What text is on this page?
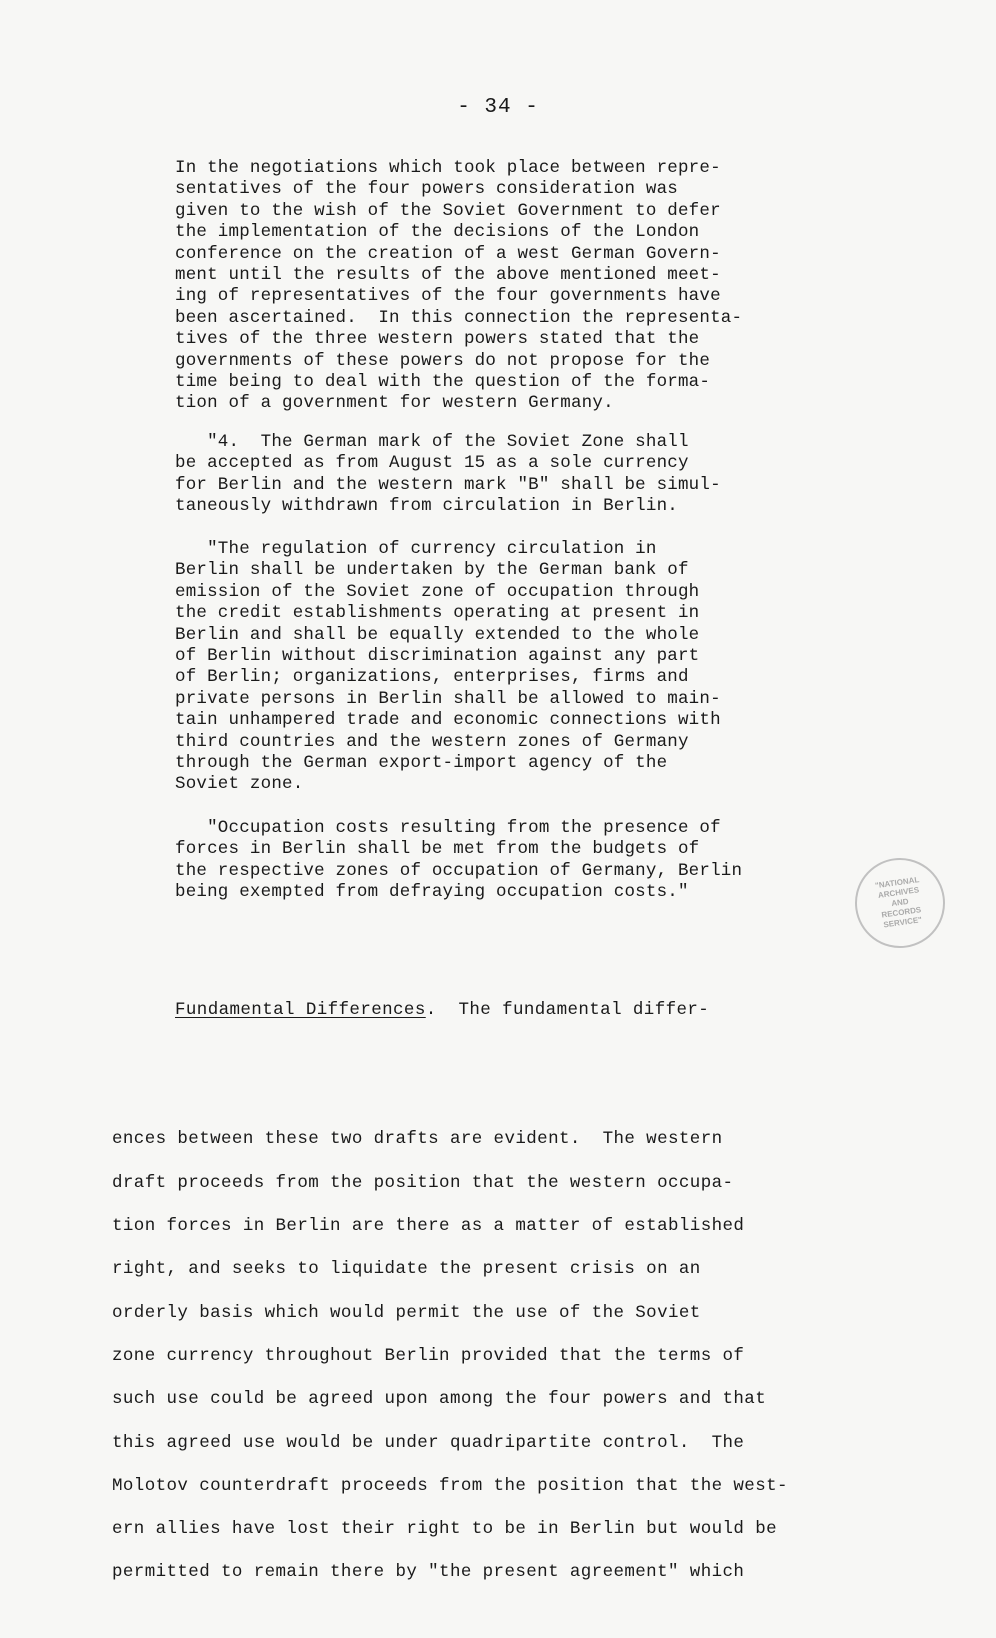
- 34 -
In the negotiations which took place between repre-
sentatives of the four powers consideration was
given to the wish of the Soviet Government to defer
the implementation of the decisions of the London
conference on the creation of a west German Govern-
ment until the results of the above mentioned meet-
ing of representatives of the four governments have
been ascertained.  In this connection the representa-
tives of the three western powers stated that the
governments of these powers do not propose for the
time being to deal with the question of the forma-
tion of a government for western Germany.
"4.  The German mark of the Soviet Zone shall
be accepted as from August 15 as a sole currency
for Berlin and the western mark "B" shall be simul-
taneously withdrawn from circulation in Berlin.
"The regulation of currency circulation in
Berlin shall be undertaken by the German bank of
emission of the Soviet zone of occupation through
the credit establishments operating at present in
Berlin and shall be equally extended to the whole
of Berlin without discrimination against any part
of Berlin; organizations, enterprises, firms and
private persons in Berlin shall be allowed to main-
tain unhampered trade and economic connections with
third countries and the western zones of Germany
through the German export-import agency of the
Soviet zone.
"Occupation costs resulting from the presence of
forces in Berlin shall be met from the budgets of
the respective zones of occupation of Germany, Berlin
being exempted from defraying occupation costs."

Fundamental Differences.  The fundamental differ-

ences between these two drafts are evident.  The western
draft proceeds from the position that the western occupa-
tion forces in Berlin are there as a matter of established
right, and seeks to liquidate the present crisis on an
orderly basis which would permit the use of the Soviet
zone currency throughout Berlin provided that the terms of
such use could be agreed upon among the four powers and that
this agreed use would be under quadripartite control.  The
Molotov counterdraft proceeds from the position that the west-
ern allies have lost their right to be in Berlin but would be
permitted to remain there by "the present agreement" which

"NATIONAL ARCHIVES AND RECORDS SERVICE"
